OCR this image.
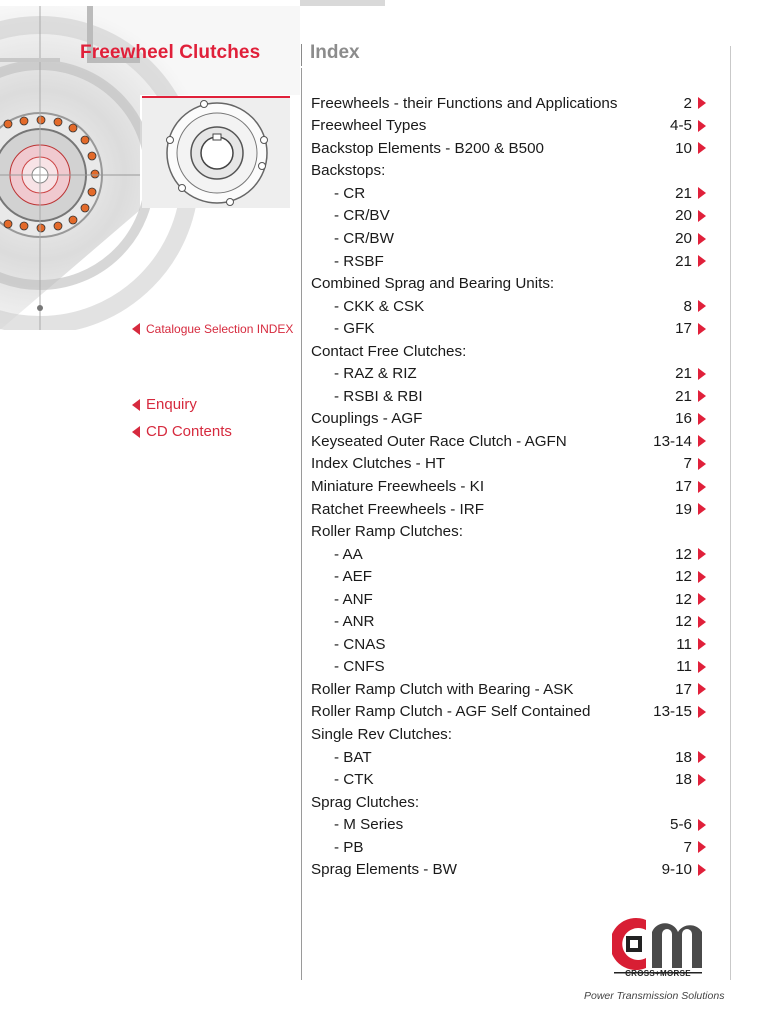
Freewheel Clutches	Index
Catalogue Selection INDEX
Enquiry
CD Contents
Freewheels - their Functions and Applications	2
Freewheel Types	4-5
Backstop Elements - B200 & B500	10
Backstops:
- CR	21
- CR/BV	20
- CR/BW	20
- RSBF	21
Combined Sprag and Bearing Units:
- CKK & CSK	8
- GFK	17
Contact Free Clutches:
- RAZ & RIZ	21
- RSBI & RBI	21
Couplings - AGF	16
Keyseated Outer Race Clutch - AGFN	13-14
Index Clutches - HT	7
Miniature Freewheels - KI	17
Ratchet Freewheels - IRF	19
Roller Ramp Clutches:
- AA	12
- AEF	12
- ANF	12
- ANR	12
- CNAS	11
- CNFS	11
Roller Ramp Clutch with Bearing - ASK	17
Roller Ramp Clutch - AGF Self Contained	13-15
Single Rev Clutches:
- BAT	18
- CTK	18
Sprag Clutches:
- M Series	5-6
- PB	7
Sprag Elements - BW	9-10
CROSS+MORSE
Power Transmission Solutions
